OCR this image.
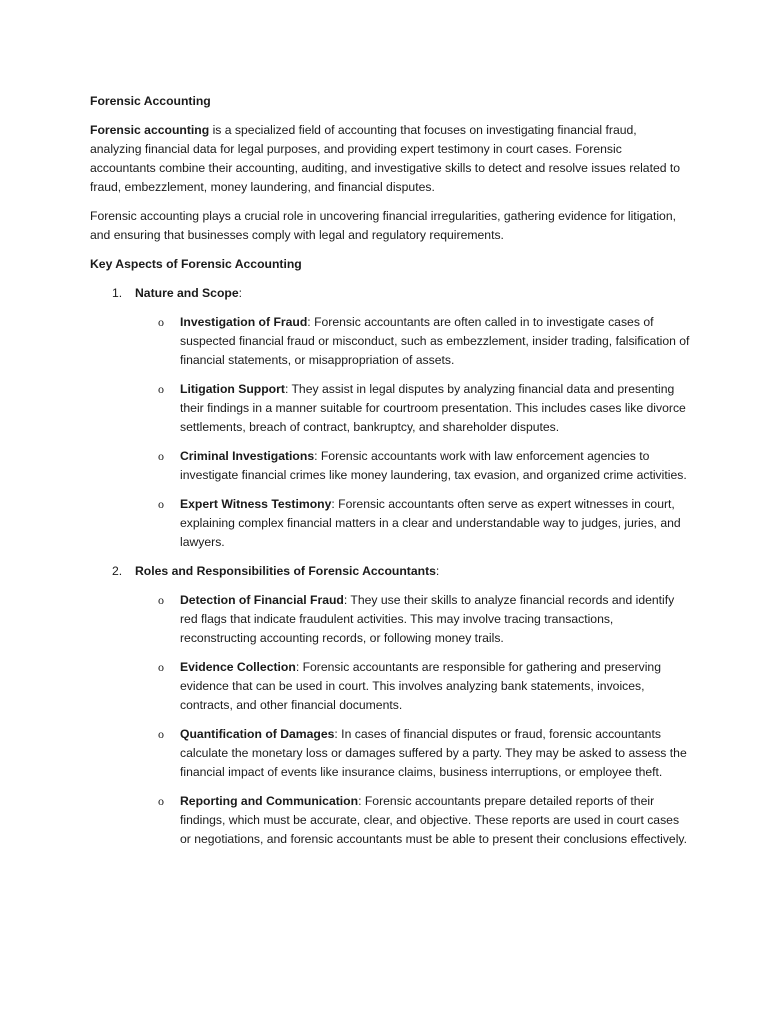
Forensic Accounting

Forensic accounting is a specialized field of accounting that focuses on investigating financial fraud, analyzing financial data for legal purposes, and providing expert testimony in court cases. Forensic accountants combine their accounting, auditing, and investigative skills to detect and resolve issues related to fraud, embezzlement, money laundering, and financial disputes.

Forensic accounting plays a crucial role in uncovering financial irregularities, gathering evidence for litigation, and ensuring that businesses comply with legal and regulatory requirements.

Key Aspects of Forensic Accounting
1. Nature and Scope:
o Investigation of Fraud: Forensic accountants are often called in to investigate cases of suspected financial fraud or misconduct, such as embezzlement, insider trading, falsification of financial statements, or misappropriation of assets.
o Litigation Support: They assist in legal disputes by analyzing financial data and presenting their findings in a manner suitable for courtroom presentation. This includes cases like divorce settlements, breach of contract, bankruptcy, and shareholder disputes.
o Criminal Investigations: Forensic accountants work with law enforcement agencies to investigate financial crimes like money laundering, tax evasion, and organized crime activities.
o Expert Witness Testimony: Forensic accountants often serve as expert witnesses in court, explaining complex financial matters in a clear and understandable way to judges, juries, and lawyers.
2. Roles and Responsibilities of Forensic Accountants:
o Detection of Financial Fraud: They use their skills to analyze financial records and identify red flags that indicate fraudulent activities. This may involve tracing transactions, reconstructing accounting records, or following money trails.
o Evidence Collection: Forensic accountants are responsible for gathering and preserving evidence that can be used in court. This involves analyzing bank statements, invoices, contracts, and other financial documents.
o Quantification of Damages: In cases of financial disputes or fraud, forensic accountants calculate the monetary loss or damages suffered by a party. They may be asked to assess the financial impact of events like insurance claims, business interruptions, or employee theft.
o Reporting and Communication: Forensic accountants prepare detailed reports of their findings, which must be accurate, clear, and objective. These reports are used in court cases or negotiations, and forensic accountants must be able to present their conclusions effectively.
